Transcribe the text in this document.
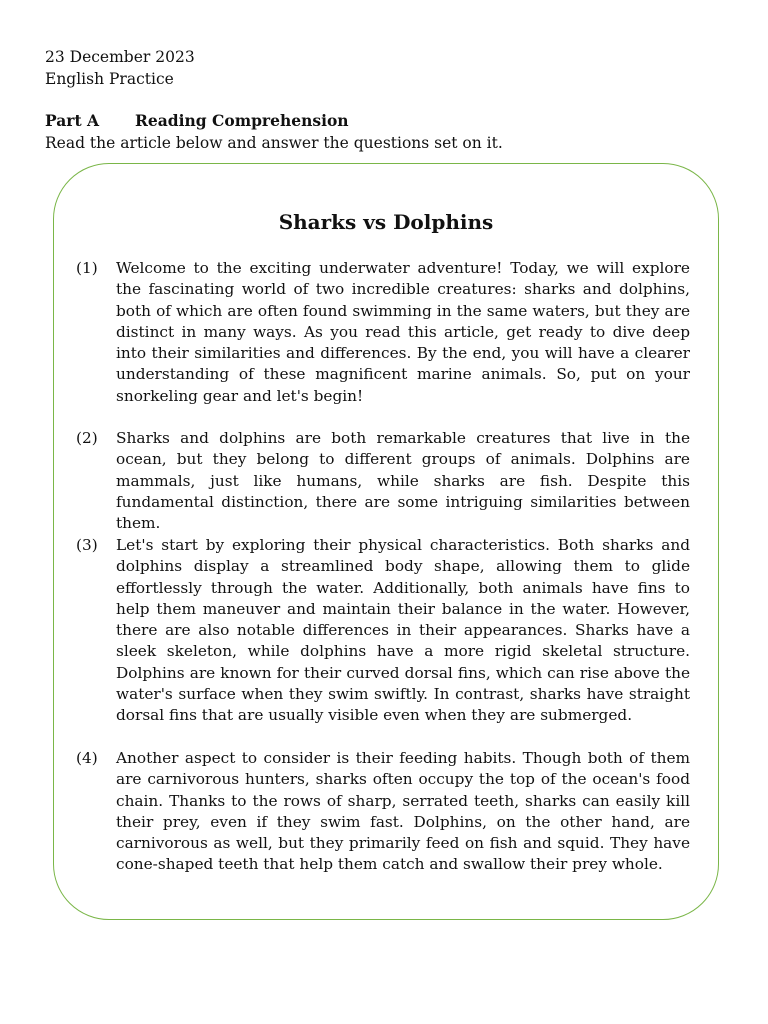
23 December 2023
English Practice
Part A Reading Comprehension
Read the article below and answer the questions set on it.
Sharks vs Dolphins
(1) Welcome to the exciting underwater adventure! Today, we will explore the fascinating world of two incredible creatures: sharks and dolphins, both of which are often found swimming in the same waters, but they are distinct in many ways. As you read this article, get ready to dive deep into their similarities and differences. By the end, you will have a clearer understanding of these magnificent marine animals. So, put on your snorkeling gear and let's begin!
(2) Sharks and dolphins are both remarkable creatures that live in the ocean, but they belong to different groups of animals. Dolphins are mammals, just like humans, while sharks are fish. Despite this fundamental distinction, there are some intriguing similarities between them.
(3) Let's start by exploring their physical characteristics. Both sharks and dolphins display a streamlined body shape, allowing them to glide effortlessly through the water. Additionally, both animals have fins to help them maneuver and maintain their balance in the water. However, there are also notable differences in their appearances. Sharks have a sleek skeleton, while dolphins have a more rigid skeletal structure. Dolphins are known for their curved dorsal fins, which can rise above the water's surface when they swim swiftly. In contrast, sharks have straight dorsal fins that are usually visible even when they are submerged.
(4) Another aspect to consider is their feeding habits. Though both of them are carnivorous hunters, sharks often occupy the top of the ocean's food chain. Thanks to the rows of sharp, serrated teeth, sharks can easily kill their prey, even if they swim fast. Dolphins, on the other hand, are carnivorous as well, but they primarily feed on fish and squid. They have cone-shaped teeth that help them catch and swallow their prey whole.
